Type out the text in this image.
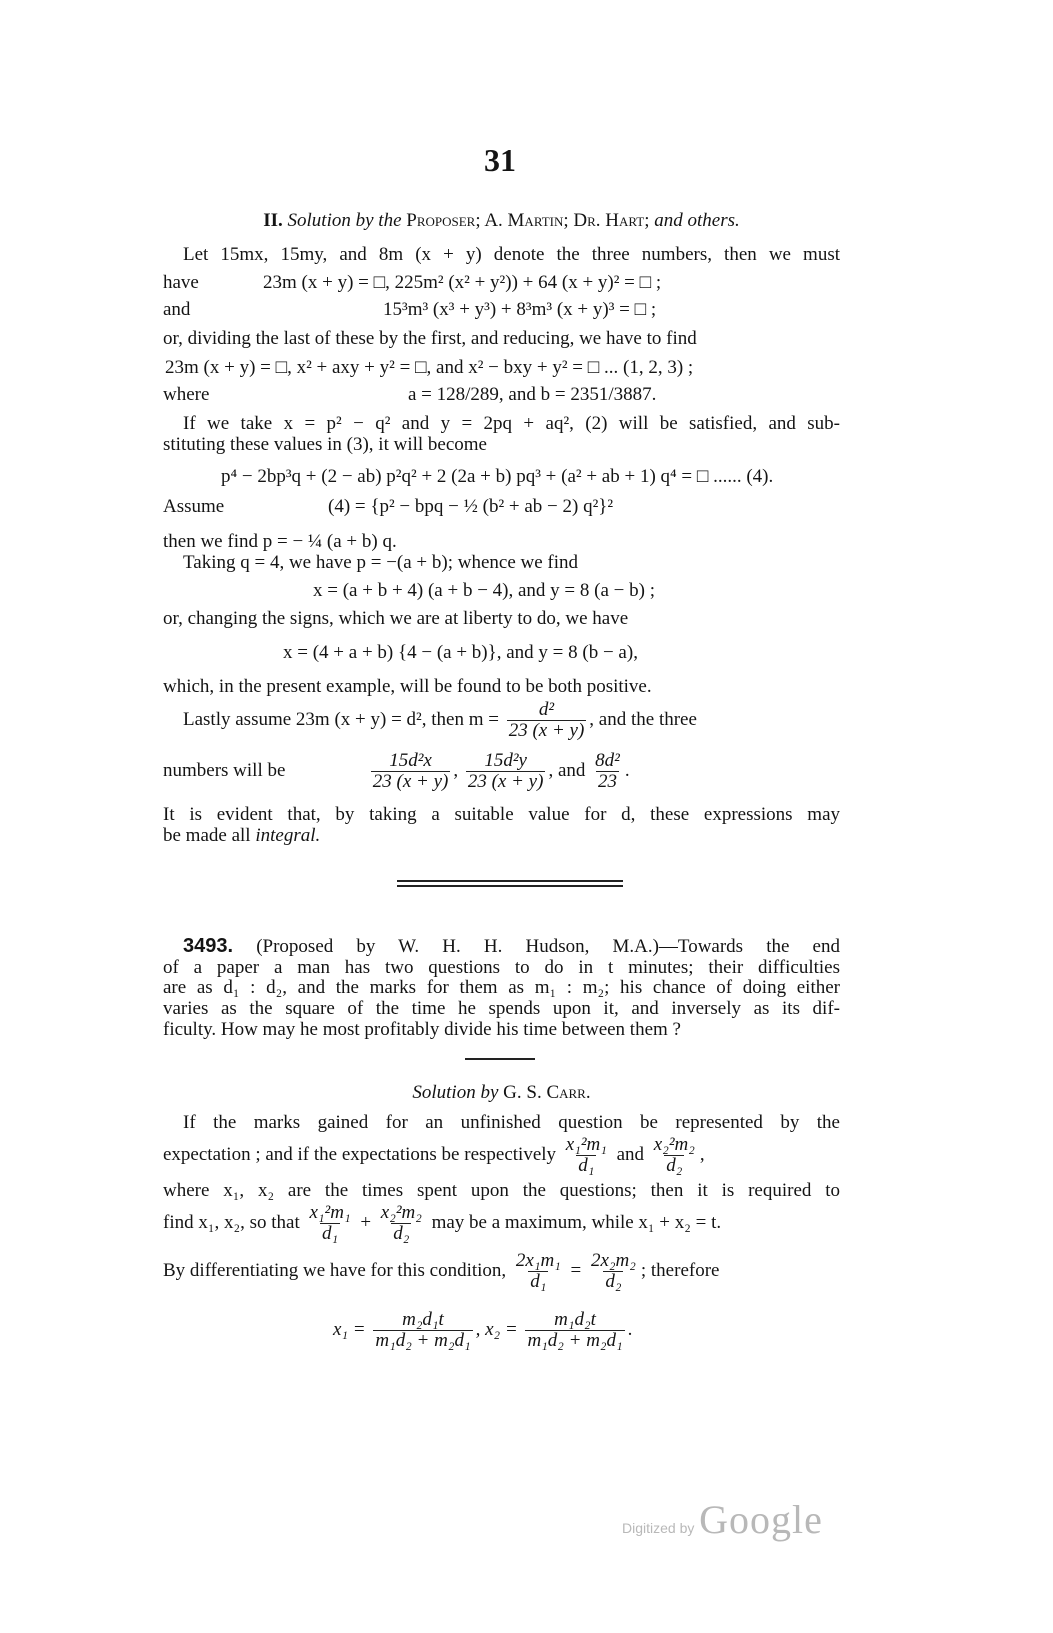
31
II. Solution by the Proposer; A. Martin; Dr. Hart; and others.
Let 15mx, 15my, and 8m (x + y) denote the three numbers, then we must
have	23m (x + y) = □, 225m² (x² + y²)) + 64 (x + y)² = □ ;
and	15³m³ (x³ + y³) + 8³m³ (x + y)³ = □ ;
or, dividing the last of these by the first, and reducing, we have to find
23m (x + y) = □, x² + axy + y² = □, and x² − bxy + y² = □ ... (1, 2, 3) ;
where	a = 128/289, and b = 2351/3887.
If we take x = p² − q² and y = 2pq + aq², (2) will be satisfied, and sub-
stituting these values in (3), it will become
p⁴ − 2bp³q + (2 − ab) p²q² + 2 (2a + b) pq³ + (a² + ab + 1) q⁴ = □ ...... (4).
Assume	(4) = {p² − bpq − ½ (b² + ab − 2) q²}²
then we find p = − ¼ (a + b) q.
Taking q = 4, we have p = −(a + b); whence we find
x = (a + b + 4) (a + b − 4), and y = 8 (a − b) ;
or, changing the signs, which we are at liberty to do, we have
x = (4 + a + b) {4 − (a + b)}, and y = 8 (b − a),
which, in the present example, will be found to be both positive.
Lastly assume 23m (x + y) = d², then $m = \frac{\text{d²}}{23 (x + y)}$ , and the three
numbers will be	$\frac{\text{15d²x}}{23 (x + y)}$ , $\frac{\text{15d²y}}{23 (x + y)}$ , and $\frac{\text{8d²}}{23}$ .
It is evident that, by taking a suitable value for d, these expressions may
be made all integral.
3493. (Proposed by W. H. H. Hudson, M.A.)—Towards the end
of a paper a man has two questions to do in t minutes; their difficulties
are as d₁ : d₂, and the marks for them as m₁ : m₂; his chance of doing either
varies as the square of the time he spends upon it, and inversely as its dif-
ficulty. How may he most profitably divide his time between them ?
Solution by G. S. Carr.
If the marks gained for an unfinished question be represented by the
expectation ; and if the expectations be respectively $\frac{\text{x₁²m₁}}{\text{d₁}}$ and $\frac{\text{x₂²m₂}}{\text{d₂}}$ ,
where x₁, x₂ are the times spent upon the questions; then it is required to
find x₁, x₂, so that $\frac{\text{x₁²m₁}}{\text{d₁}} + \frac{\text{x₂²m₂}}{\text{d₂}}$ may be a maximum, while x₁ + x₂ = t.
By differentiating we have for this condition, $\frac{\text{2x₁m₁}}{\text{d₁}} = \frac{\text{2x₂m₂}}{\text{d₂}}$ ; therefore
$x_1 = \frac{\text{m₂d₁t}}{\text{m₁d₂ + m₂d₁}}$ , $x_2 = \frac{\text{m₁d₂t}}{\text{m₁d₂ + m₂d₁}}$ .
Digitized by Google
